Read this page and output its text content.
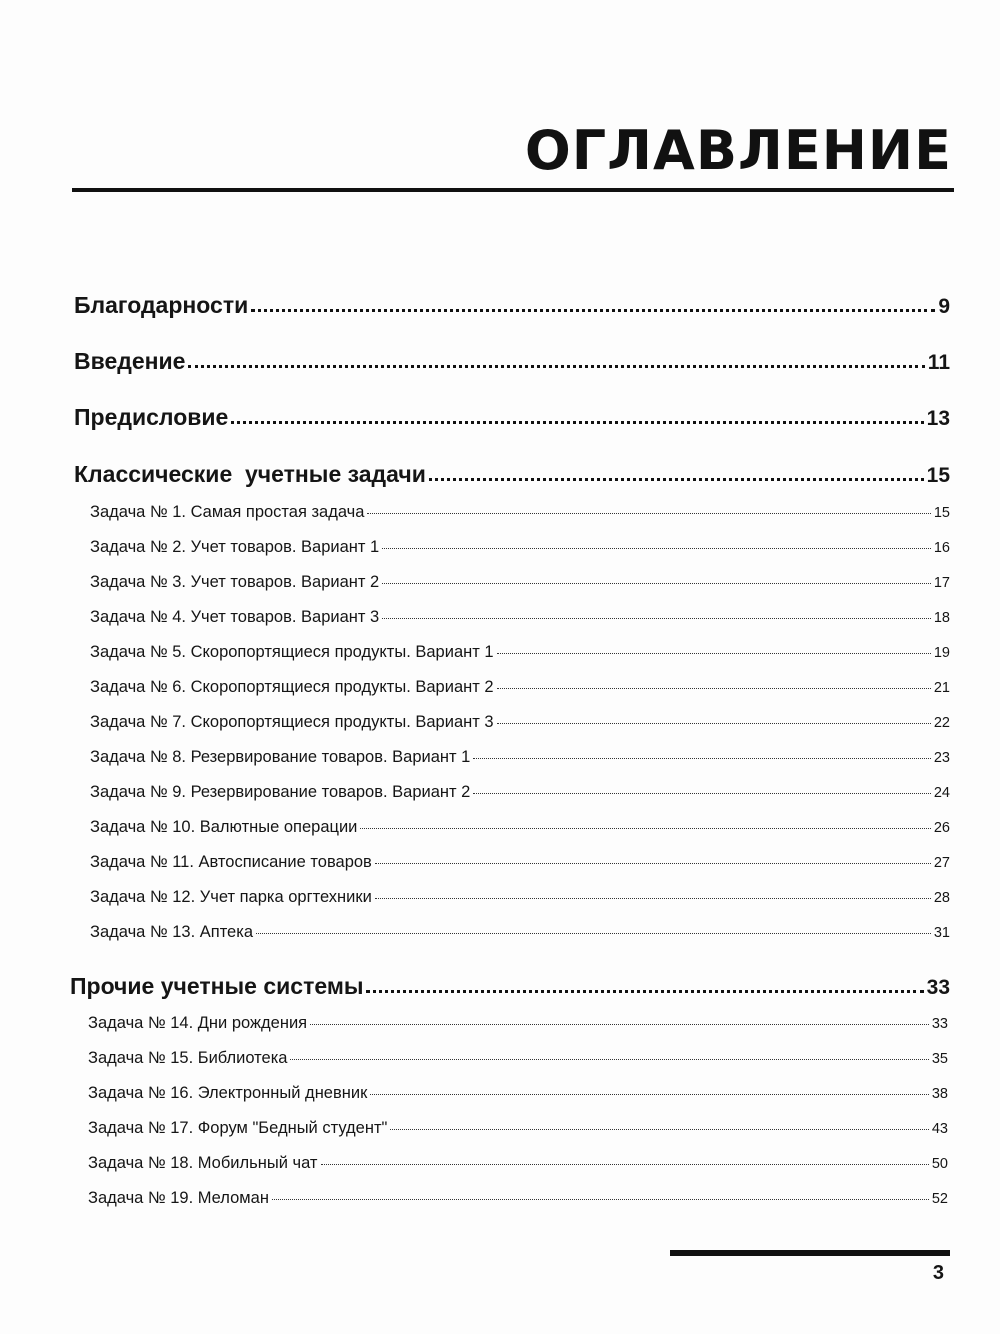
ОГЛАВЛЕНИЕ
Благодарности	9
Введение	11
Предисловие	13
Классические  учетные задачи	15
Задача № 1. Самая простая задача	15
Задача № 2. Учет товаров. Вариант 1	16
Задача № 3. Учет товаров. Вариант 2	17
Задача № 4. Учет товаров. Вариант 3	18
Задача № 5. Скоропортящиеся продукты. Вариант 1	19
Задача № 6. Скоропортящиеся продукты. Вариант 2	21
Задача № 7. Скоропортящиеся продукты. Вариант 3	22
Задача № 8. Резервирование товаров. Вариант 1	23
Задача № 9. Резервирование товаров. Вариант 2	24
Задача № 10. Валютные операции	26
Задача № 11. Автосписание товаров	27
Задача № 12. Учет парка оргтехники	28
Задача № 13. Аптека	31
Прочие учетные системы	33
Задача № 14. Дни рождения	33
Задача № 15. Библиотека	35
Задача № 16. Электронный дневник	38
Задача № 17. Форум "Бедный студент"	43
Задача № 18. Мобильный чат	50
Задача № 19. Меломан	52
3
